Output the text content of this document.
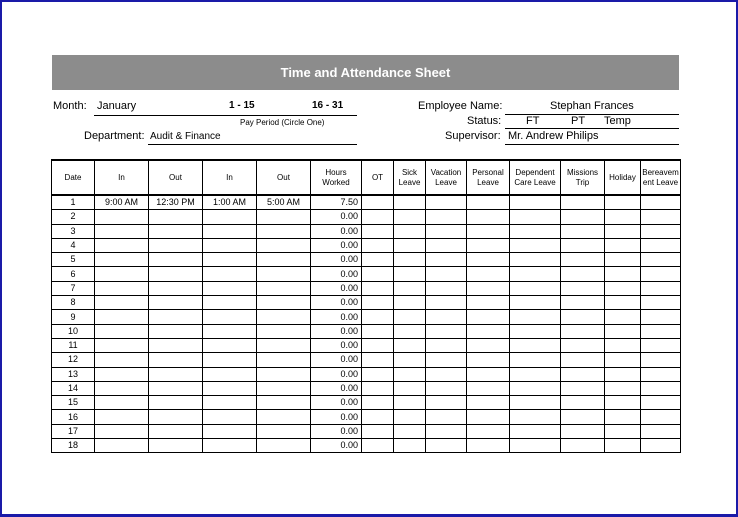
Time and Attendance Sheet
Month: January	1 - 15	16 - 31
Pay Period (Circle One)
Department: Audit & Finance
Employee Name:	Stephan Frances
Status: FT	PT Temp
Supervisor: Mr. Andrew Philips
Date	In	Out	In	Out	Hours Worked	OT	Sick Leave	Vacation Leave	Personal Leave	Dependent Care Leave	Missions Trip	Holiday	Bereavem ent Leave
1	9:00 AM	12:30 PM	1:00 AM	5:00 AM	7.50								
2					0.00								
3					0.00								
4					0.00								
5					0.00								
6					0.00								
7					0.00								
8					0.00								
9					0.00								
10					0.00								
11					0.00								
12					0.00								
13					0.00								
14					0.00								
15					0.00								
16					0.00								
17					0.00								
18					0.00								
